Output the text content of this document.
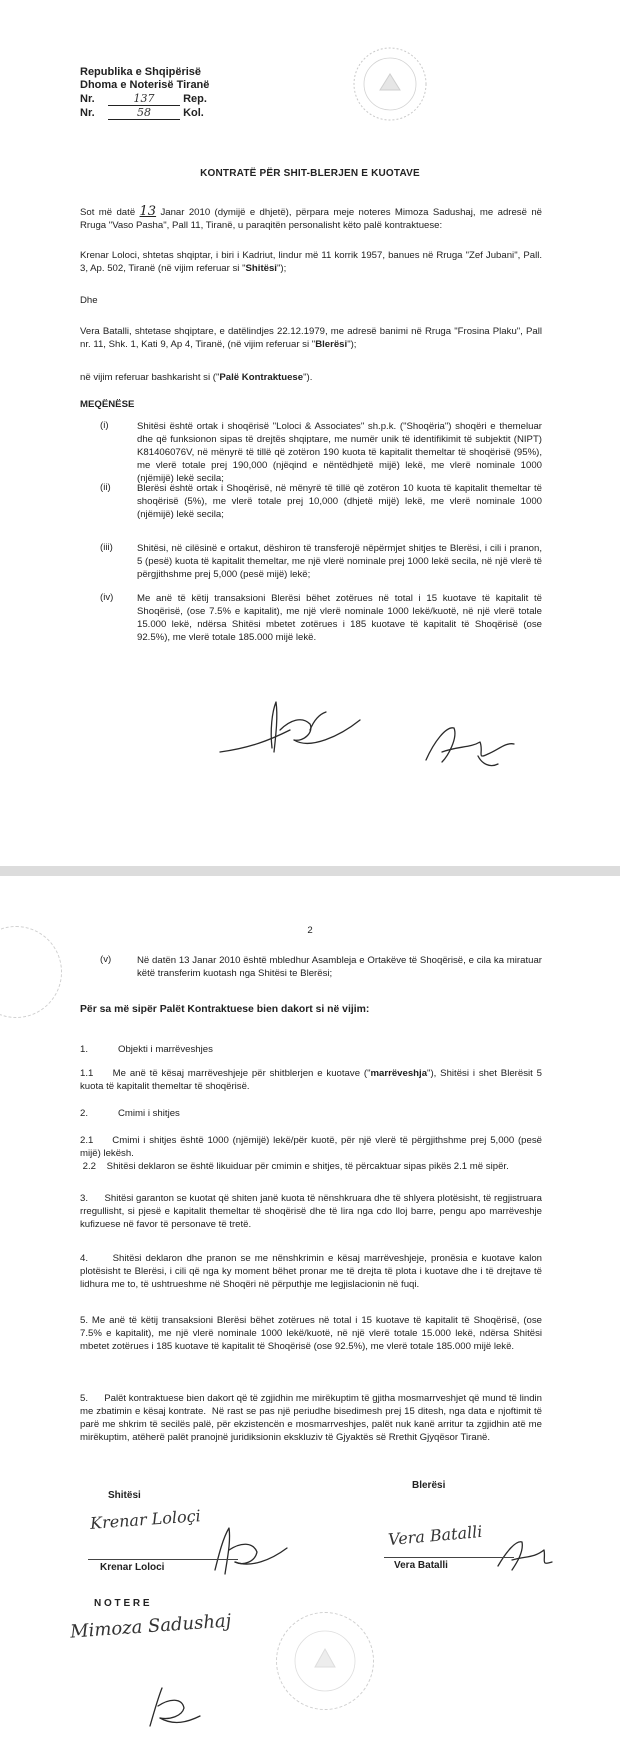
Republika e Shqipërisë
Dhoma e Noterisë Tiranë
Nr.	137	Rep.
Nr.	58	Kol.
KONTRATË PËR SHIT-BLERJEN E KUOTAVE
Sot më datë 13 Janar 2010 (dymijë e dhjetë), përpara meje noteres Mimoza Sadushaj, me adresë në Rruga "Vaso Pasha", Pall 11, Tiranë, u paraqitën personalisht këto palë kontraktuese:
Krenar Loloci, shtetas shqiptar, i biri i Kadriut, lindur më 11 korrik 1957, banues në Rruga "Zef Jubani", Pall. 3, Ap. 502, Tiranë (në vijim referuar si "Shitësi");
Dhe
Vera Batalli, shtetase shqiptare, e datëlindjes 22.12.1979, me adresë banimi në Rruga "Frosina Plaku", Pall nr. 11, Shk. 1, Kati 9, Ap 4, Tiranë, (në vijim referuar si "Blerësi");
në vijim referuar bashkarisht si ("Palë Kontraktuese").
MEQËNËSE
(i)	Shitësi është ortak i shoqërisë "Loloci & Associates" sh.p.k. ("Shoqëria") shoqëri e themeluar dhe që funksionon sipas të drejtës shqiptare, me numër unik të identifikimit të subjektit (NIPT) K81406076V, në mënyrë të tillë që zotëron 190 kuota të kapitalit themeltar të shoqërisë (95%), me vlerë totale prej 190,000 (njëqind e nëntëdhjetë mijë) lekë, me vlerë nominale 1000 (njëmijë) lekë secila;
(ii)	Blerësi është ortak i Shoqërisë, në mënyrë të tillë që zotëron 10 kuota të kapitalit themeltar të shoqërisë (5%), me vlerë totale prej 10,000 (dhjetë mijë) lekë, me vlerë nominale 1000 (njëmijë) lekë secila;
(iii)	Shitësi, në cilësinë e ortakut, dëshiron të transferojë nëpërmjet shitjes te Blerësi, i cili i pranon, 5 (pesë) kuota të kapitalit themeltar, me një vlerë nominale prej 1000 lekë secila, në një vlerë të përgjithshme prej 5,000 (pesë mijë) lekë;
(iv) Me anë të këtij transaksioni Blerësi bëhet zotërues në total i 15 kuotave të kapitalit të Shoqërisë, (ose 7.5% e kapitalit), me një vlerë nominale 1000 lekë/kuotë, në një vlerë totale 15.000 lekë, ndërsa Shitësi mbetet zotërues i 185 kuotave të kapitalit të Shoqërisë (ose 92.5%), me vlerë totale 185.000 mijë lekë.
2
(v)	Në datën 13 Janar 2010 është mbledhur Asambleja e Ortakëve të Shoqërisë, e cila ka miratuar këtë transferim kuotash nga Shitësi te Blerësi;
Për sa më sipër Palët Kontraktuese bien dakort si në vijim:
1.	Objekti i marrëveshjes
1.1     Me anë të kësaj marrëveshjeje për shitblerjen e kuotave ("marrëveshja"), Shitësi i shet Blerësit 5 kuota të kapitalit themeltar të shoqërisë.
2.	Cmimi i shitjes
2.1     Cmimi i shitjes është 1000 (njëmijë) lekë/për kuotë, për një vlerë të përgjithshme prej 5,000 (pesë mijë) lekësh.
2.2    Shitësi deklaron se është likuiduar për cmimin e shitjes, të përcaktuar sipas pikës 2.1 më sipër.
3.      Shitësi garanton se kuotat që shiten janë kuota të nënshkruara dhe të shlyera plotësisht, të regjistruara rregullisht, si pjesë e kapitalit themeltar të shoqërisë dhe të lira nga cdo lloj barre, pengu apo marrëveshje kufizuese në favor të personave të tretë.
4.      Shitësi deklaron dhe pranon se me nënshkrimin e kësaj marrëveshjeje, pronësia e kuotave kalon plotësisht te Blerësi, i cili që nga ky moment bëhet pronar me të drejta të plota i kuotave dhe i të drejtave të lidhura me to, të ushtrueshme në Shoqëri në përputhje me legjislacionin në fuqi.
5. Me anë të këtij transaksioni Blerësi bëhet zotërues në total i 15 kuotave të kapitalit të Shoqërisë, (ose 7.5% e kapitalit), me një vlerë nominale 1000 lekë/kuotë, në një vlerë totale 15.000 lekë, ndërsa Shitësi mbetet zotërues i 185 kuotave të kapitalit të Shoqërisë (ose 92.5%), me vlerë totale 185.000 mijë lekë.
5.      Palët kontraktuese bien dakort që të zgjidhin me mirëkuptim të gjitha mosmarrveshjet që mund të lindin me zbatimin e kësaj kontrate.  Në rast se pas një periudhe bisedimesh prej 15 ditesh, nga data e njoftimit të parë me shkrim të secilës palë, për ekzistencën e mosmarrveshjes, palët nuk kanë arritur ta zgjidhin atë me mirëkuptim, atëherë palët pranojnë juridiksionin ekskluziv të Gjyaktës së Rrethit Gjyqësor Tiranë.
Shitësi
Krenar Loloçi
Krenar Loloci
Blerësi
Vera Batalli
Vera Batalli
N O T E R E
Mimoza Sadushaj
